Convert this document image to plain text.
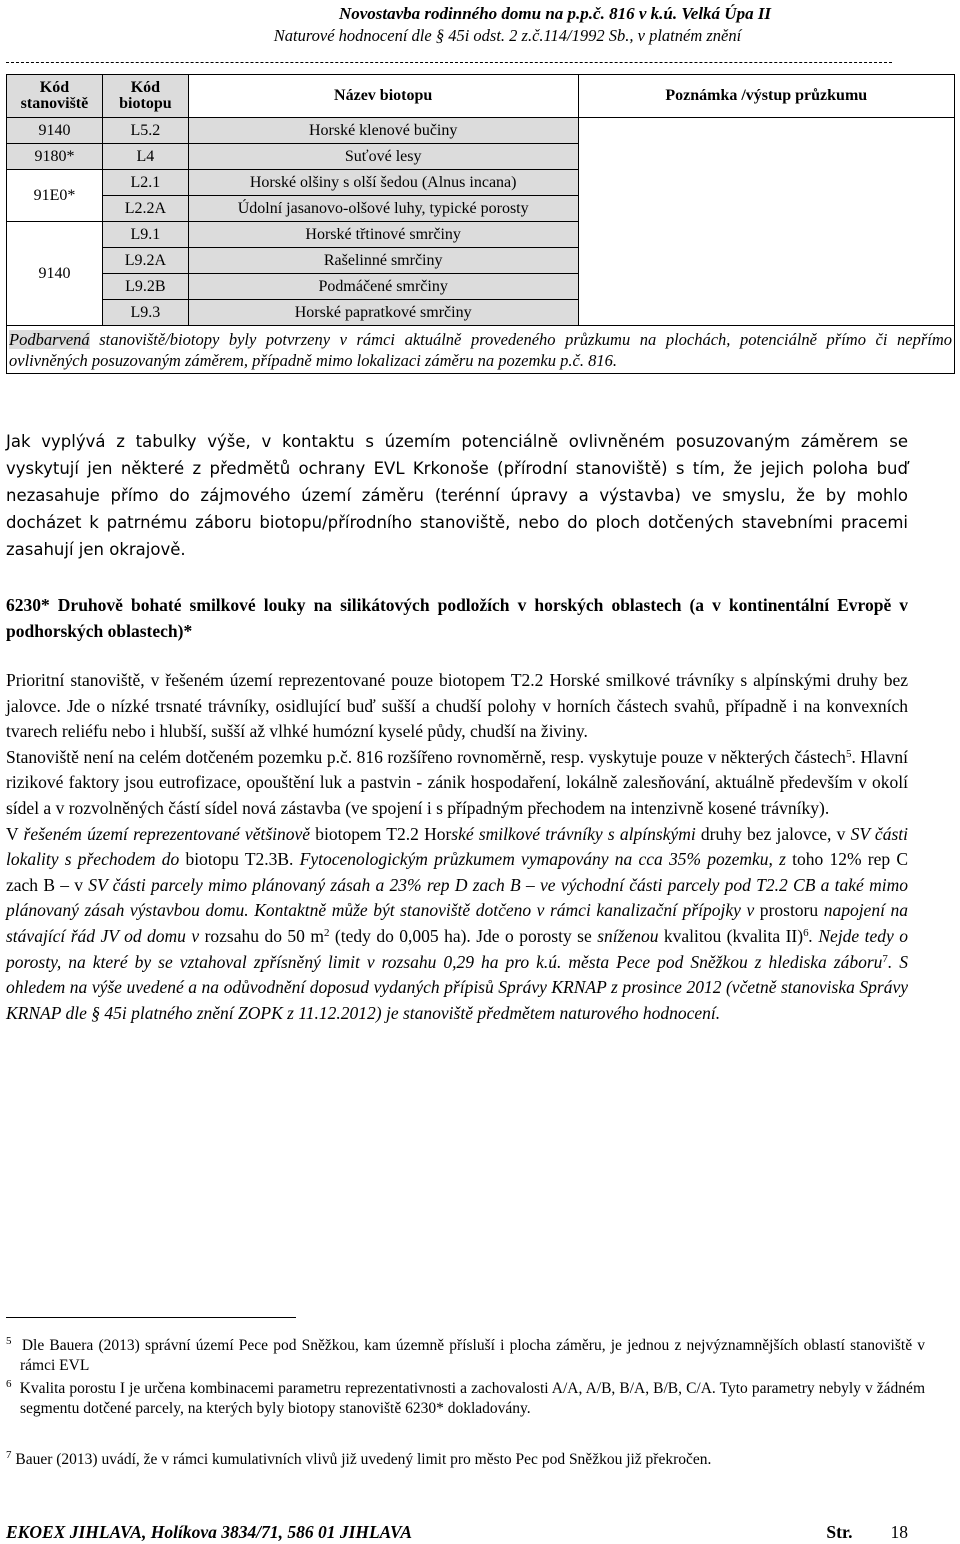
Novostavba rodinného domu na p.p.č. 816 v k.ú. Velká Úpa II
Naturové hodnocení dle § 45i odst. 2 z.č.114/1992 Sb., v platném znění
Kód stanoviště	Kód biotopu	Název biotopu	Poznámka /výstup průzkumu
9140	L5.2	Horské klenové bučiny	
9180*	L4	Suťové lesy	
91E0*	L2.1	Horské olšiny s olší šedou (Alnus incana)	
	L2.2A	Údolní jasanovo-olšové luhy, typické porosty	
9140	L9.1	Horské třtinové smrčiny	
	L9.2A	Rašelinné smrčiny	
	L9.2B	Podmáčené smrčiny	
	L9.3	Horské papratkové smrčiny	
Podbarvená stanoviště/biotopy byly potvrzeny v rámci aktuálně provedeného průzkumu na plochách, potenciálně přímo či nepřímo ovlivněných posuzovaným záměrem, případně mimo lokalizaci záměru na pozemku p.č. 816.			
Jak vyplývá z tabulky výše, v kontaktu s územím potenciálně ovlivněném posuzovaným záměrem se vyskytují jen některé z předmětů ochrany EVL Krkonoše (přírodní stanoviště) s tím, že jejich poloha buď nezasahuje přímo do zájmového území záměru (terénní úpravy a výstavba) ve smyslu, že by mohlo docházet k patrnému záboru biotopu/přírodního stanoviště, nebo do ploch dotčených stavebními pracemi zasahují jen okrajově.
6230* Druhově bohaté smilkové louky na silikátových podložích v horských oblastech (a v kontinentální Evropě v podhorských oblastech)*
Prioritní stanoviště, v řešeném území reprezentované pouze biotopem T2.2 Horské smilkové trávníky s alpínskými druhy bez jalovce. Jde o nízké trsnaté trávníky, osidlující buď sušší a chudší polohy v horních částech svahů, případně i na konvexních tvarech reliéfu nebo i hlubší, sušší až vlhké humózní kyselé půdy, chudší na živiny.
Stanoviště není na celém dotčeném pozemku p.č. 816 rozšířeno rovnoměrně, resp. vyskytuje pouze v některých částech$^5$. Hlavní rizikové faktory jsou eutrofizace, opouštění luk a pastvin - zánik hospodaření, lokálně zalesňování, aktuálně především v okolí sídel a v rozvolněných částí sídel nová zástavba (ve spojení i s případným přechodem na intenzivně kosené trávníky).
V řešeném území reprezentované většinově biotopem T2.2 Horské smilkové trávníky s alpínskými druhy bez jalovce, v SV části lokality s přechodem do biotopu T2.3B. Fytocenologickým průzkumem vymapovány na cca 35% pozemku, z toho 12% rep C zach B – v SV části parcely mimo plánovaný zásah a 23% rep D zach B – ve východní části parcely pod T2.2 CB a také mimo plánovaný zásah výstavbou domu. Kontaktně může být stanoviště dotčeno v rámci kanalizační přípojky v prostoru napojení na stávající řád JV od domu v rozsahu do 50 $m^2$ (tedy do 0,005 ha). Jde o porosty se sníženou kvalitou (kvalita II)$^6$. Nejde tedy o porosty, na které by se vztahoval zpřísněný limit v rozsahu 0,29 ha pro k.ú. města Pece pod Sněžkou z hlediska záboru$^7$. S ohledem na výše uvedené a na odůvodnění doposud vydaných přípisů Správy KRNAP z prosince 2012 (včetně stanoviska Správy KRNAP dle § 45i platného znění ZOPK z 11.12.2012) je stanoviště předmětem naturového hodnocení.
$^5$ Dle Bauera (2013) správní území Pece pod Sněžkou, kam územně přísluší i plocha záměru, je jednou z nejvýznamnějších oblastí stanoviště v rámci EVL
$^6$ Kvalita porostu I je určena kombinacemi parametru reprezentativnosti a zachovalosti A/A, A/B, B/A, B/B, C/A. Tyto parametry nebyly v žádném segmentu dotčené parcely, na kterých byly biotopy stanoviště 6230* dokladovány.
$^7$ Bauer (2013) uvádí, že v rámci kumulativních vlivů již uvedený limit pro město Pec pod Sněžkou již překročen.
EKOEX JIHLAVA, Holíkova 3834/71, 586 01 JIHLAVA	Str. 18
